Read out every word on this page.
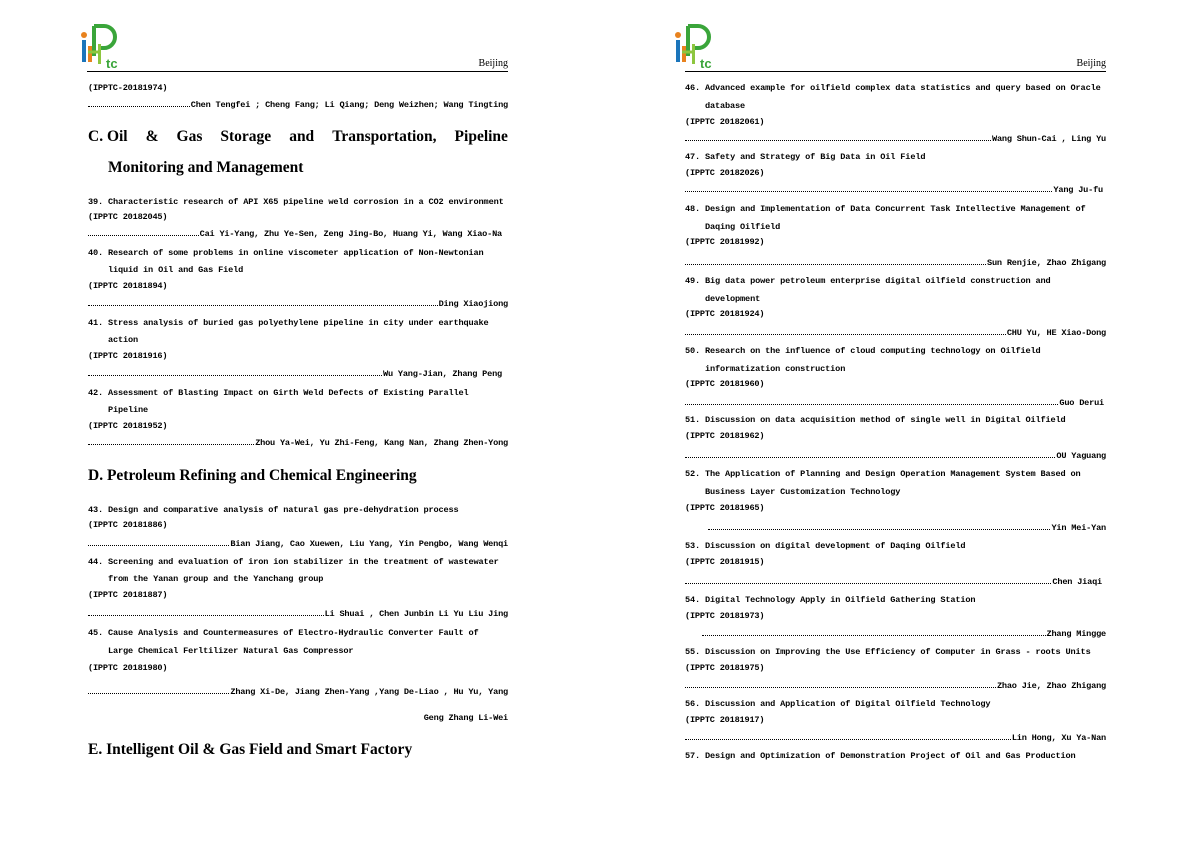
tc	Beijing
(IPPTC-20181974)
Chen Tengfei ; Cheng Fang; Li Qiang; Deng Weizhen; Wang Tingting
C. Oil & Gas Storage and Transportation, Pipeline
Monitoring and Management
39. Characteristic research of API X65 pipeline weld corrosion in a CO2 environment
(IPPTC 20182045)
Cai Yi-Yang, Zhu Ye-Sen, Zeng Jing-Bo, Huang Yi, Wang Xiao-Na
40. Research of some problems in online viscometer application of Non-Newtonian
liquid in Oil and Gas Field
(IPPTC 20181894)
Ding Xiaojiong
41. Stress analysis of buried gas polyethylene pipeline in city under earthquake
action
(IPPTC 20181916)
Wu Yang-Jian, Zhang Peng
42. Assessment of Blasting Impact on Girth Weld Defects of Existing Parallel
Pipeline
(IPPTC 20181952)
Zhou Ya-Wei, Yu Zhi-Feng, Kang Nan, Zhang Zhen-Yong
D. Petroleum Refining and Chemical Engineering
43. Design and comparative analysis of natural gas pre-dehydration process
(IPPTC 20181886)
Bian Jiang, Cao Xuewen, Liu Yang, Yin Pengbo, Wang Wenqi
44. Screening and evaluation of iron ion stabilizer in the treatment of wastewater
from the Yanan group and the Yanchang group
(IPPTC 20181887)
Li Shuai , Chen Junbin Li Yu Liu Jing
45. Cause Analysis and Countermeasures of Electro-Hydraulic Converter Fault of
Large Chemical Ferltilizer Natural Gas Compressor
(IPPTC 20181980)
Zhang Xi-De, Jiang Zhen-Yang ,Yang De-Liao , Hu Yu, Yang
Geng Zhang Li-Wei
E. Intelligent Oil & Gas Field and Smart Factory
tc	Beijing
46. Advanced example for oilfield complex data statistics and query based on Oracle
database
(IPPTC 20182061)
Wang Shun-Cai , Ling Yu
47. Safety and Strategy of Big Data in Oil Field
(IPPTC 20182026)
Yang Ju-fu
48. Design and Implementation of Data Concurrent Task Intellective Management of
Daqing Oilfield
(IPPTC 20181992)
Sun Renjie, Zhao Zhigang
49. Big data power petroleum enterprise digital oilfield construction and
development
(IPPTC 20181924)
CHU Yu, HE Xiao-Dong
50. Research on the influence of cloud computing technology on Oilfield
informatization construction
(IPPTC 20181960)
Guo Derui
51. Discussion on data acquisition method of single well in Digital Oilfield
(IPPTC 20181962)
OU Yaguang
52. The Application of Planning and Design Operation Management System Based on
Business Layer Customization Technology
(IPPTC 20181965)
Yin Mei-Yan
53. Discussion on digital development of Daqing Oilfield
(IPPTC 20181915)
Chen Jiaqi
54. Digital Technology Apply in Oilfield Gathering Station
(IPPTC 20181973)
Zhang Mingge
55. Discussion on Improving the Use Efficiency of Computer in Grass - roots Units
(IPPTC 20181975)
Zhao Jie, Zhao Zhigang
56. Discussion and Application of Digital Oilfield Technology
(IPPTC 20181917)
Lin Hong, Xu Ya-Nan
57. Design and Optimization of Demonstration Project of Oil and Gas Production
